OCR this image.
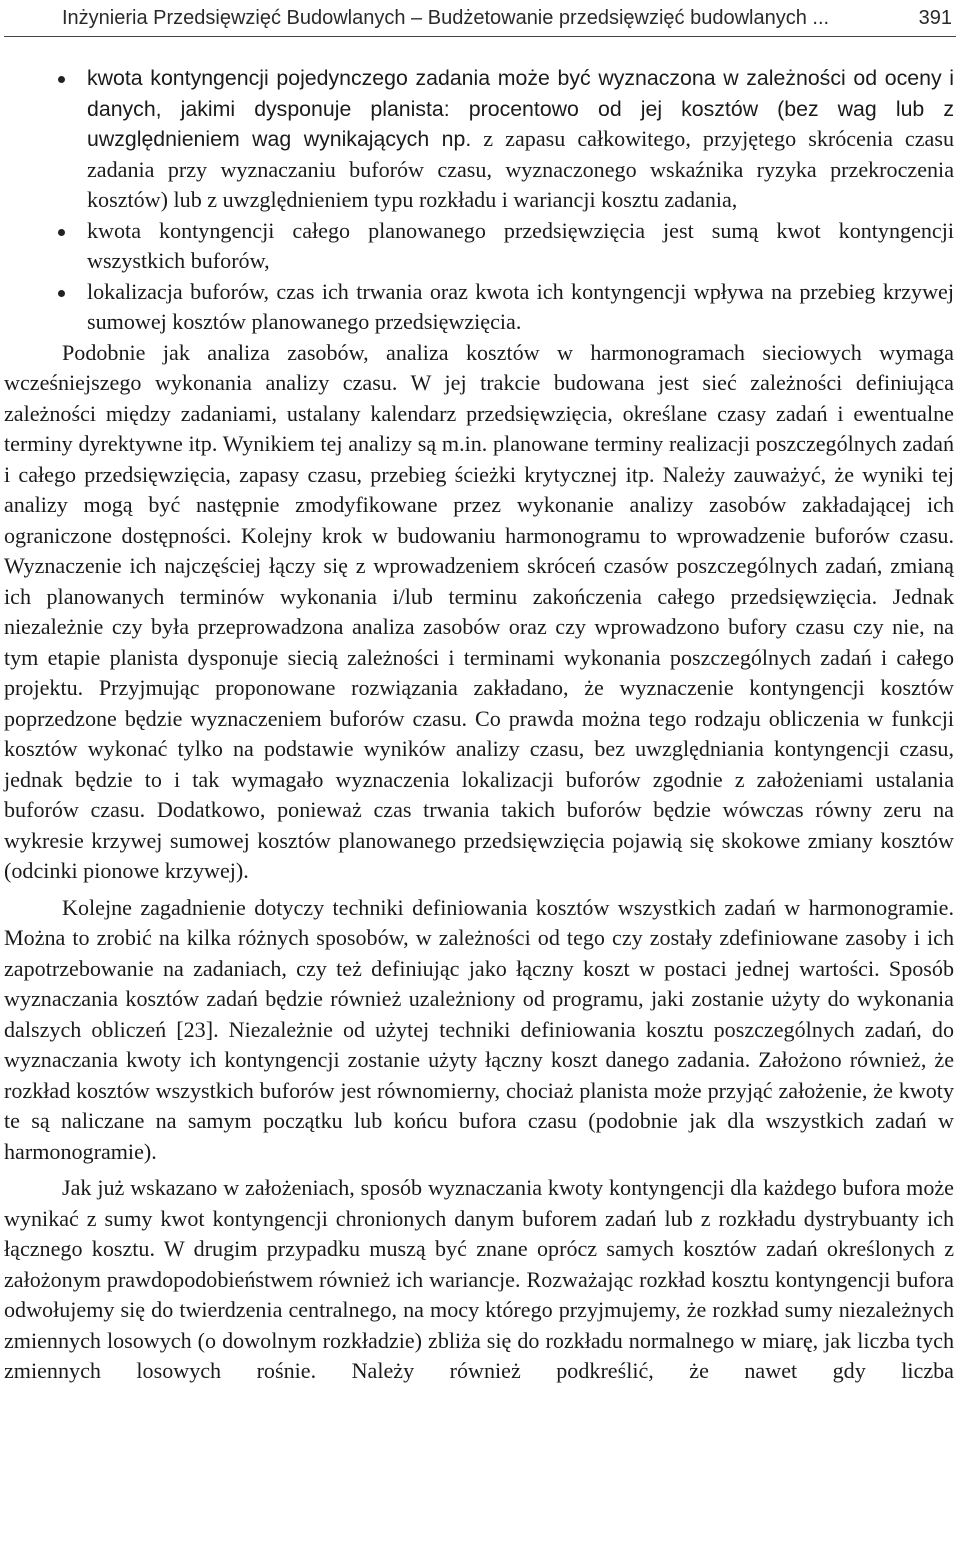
Inżynieria Przedsięwzięć Budowlanych – Budżetowanie przedsięwzięć budowlanych ...	391

kwota kontyngencji pojedynczego zadania może być wyznaczona w zależności od oceny i danych, jakimi dysponuje planista: procentowo od jej kosztów (bez wag lub z uwzględnieniem wag wynikających np. z zapasu całkowitego, przyjętego skrócenia czasu zadania przy wyznaczaniu buforów czasu, wyznaczonego wskaźnika ryzyka przekroczenia kosztów) lub z uwzględnieniem typu rozkładu i wariancji kosztu zadania,

kwota kontyngencji całego planowanego przedsięwzięcia jest sumą kwot kontyngencji wszystkich buforów,

lokalizacja buforów, czas ich trwania oraz kwota ich kontyngencji wpływa na przebieg krzywej sumowej kosztów planowanego przedsięwzięcia.

Podobnie jak analiza zasobów, analiza kosztów w harmonogramach sieciowych wymaga wcześniejszego wykonania analizy czasu. W jej trakcie budowana jest sieć zależności definiująca zależności między zadaniami, ustalany kalendarz przedsięwzięcia, określane czasy zadań i ewentualne terminy dyrektywne itp. Wynikiem tej analizy są m.in. planowane terminy realizacji poszczególnych zadań i całego przedsięwzięcia, zapasy czasu, przebieg ścieżki krytycznej itp. Należy zauważyć, że wyniki tej analizy mogą być następnie zmodyfikowane przez wykonanie analizy zasobów zakładającej ich ograniczone dostępności. Kolejny krok w budowaniu harmonogramu to wprowadzenie buforów czasu. Wyznaczenie ich najczęściej łączy się z wprowadzeniem skróceń czasów poszczególnych zadań, zmianą ich planowanych terminów wykonania i/lub terminu zakończenia całego przedsięwzięcia. Jednak niezależnie czy była przeprowadzona analiza zasobów oraz czy wprowadzono bufory czasu czy nie, na tym etapie planista dysponuje siecią zależności i terminami wykonania poszczególnych zadań i całego projektu. Przyjmując proponowane rozwiązania zakładano, że wyznaczenie kontyngencji kosztów poprzedzone będzie wyznaczeniem buforów czasu. Co prawda można tego rodzaju obliczenia w funkcji kosztów wykonać tylko na podstawie wyników analizy czasu, bez uwzględniania kontyngencji czasu, jednak będzie to i tak wymagało wyznaczenia lokalizacji buforów zgodnie z założeniami ustalania buforów czasu. Dodatkowo, ponieważ czas trwania takich buforów będzie wówczas równy zeru na wykresie krzywej sumowej kosztów planowanego przedsięwzięcia pojawią się skokowe zmiany kosztów (odcinki pionowe krzywej).

Kolejne zagadnienie dotyczy techniki definiowania kosztów wszystkich zadań w harmonogramie. Można to zrobić na kilka różnych sposobów, w zależności od tego czy zostały zdefiniowane zasoby i ich zapotrzebowanie na zadaniach, czy też definiując jako łączny koszt w postaci jednej wartości. Sposób wyznaczania kosztów zadań będzie również uzależniony od programu, jaki zostanie użyty do wykonania dalszych obliczeń [23]. Niezależnie od użytej techniki definiowania kosztu poszczególnych zadań, do wyznaczania kwoty ich kontyngencji zostanie użyty łączny koszt danego zadania. Założono również, że rozkład kosztów wszystkich buforów jest równomierny, chociaż planista może przyjąć założenie, że kwoty te są naliczane na samym początku lub końcu bufora czasu (podobnie jak dla wszystkich zadań w harmonogramie).

Jak już wskazano w założeniach, sposób wyznaczania kwoty kontyngencji dla każdego bufora może wynikać z sumy kwot kontyngencji chronionych danym buforem zadań lub z rozkładu dystrybuanty ich łącznego kosztu. W drugim przypadku muszą być znane oprócz samych kosztów zadań określonych z założonym prawdopodobieństwem również ich wariancje. Rozważając rozkład kosztu kontyngencji bufora odwołujemy się do twierdzenia centralnego, na mocy którego przyjmujemy, że rozkład sumy niezależnych zmiennych losowych (o dowolnym rozkładzie) zbliża się do rozkładu normalnego w miarę, jak liczba tych zmiennych losowych rośnie. Należy również podkreślić, że nawet gdy liczba
